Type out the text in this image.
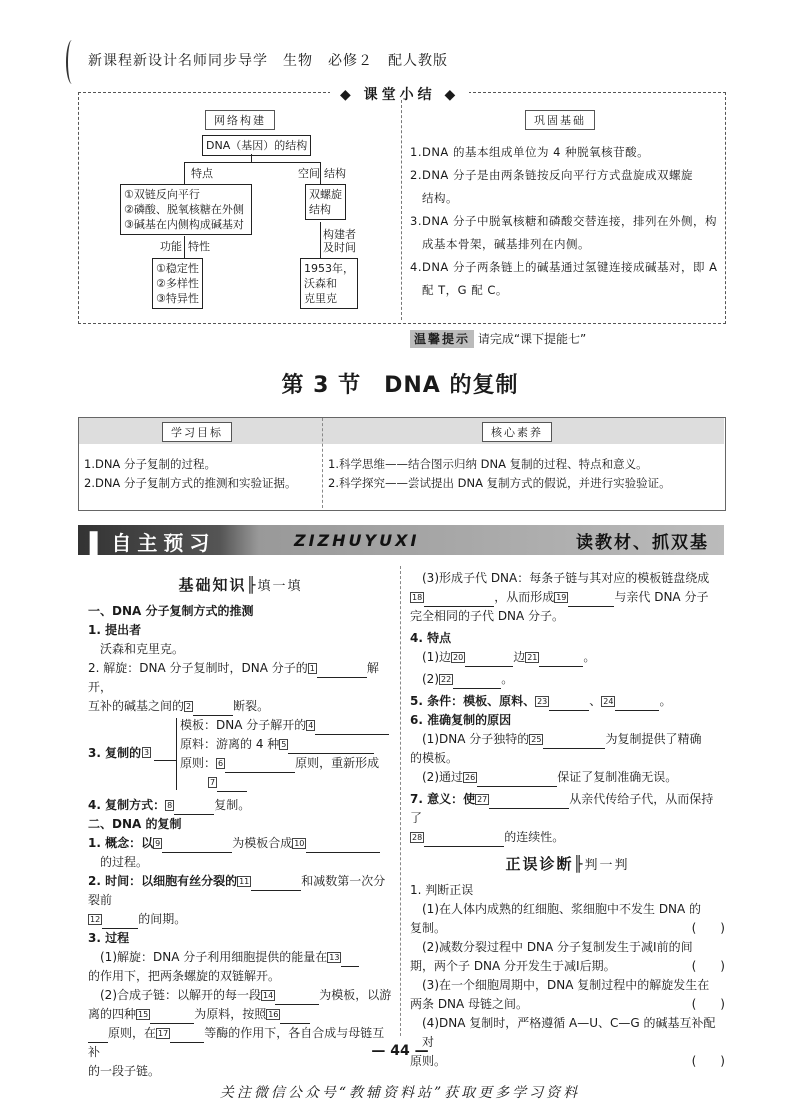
新课程新设计名师同步导学　生物　必修２　配人教版
◆ 课堂小结 ◆
网络构建	巩固基础
DNA（基因）的结构
特点	空间 结构
①双链反向平行
②磷酸、脱氧核糖在外侧
③碱基在内侧构成碱基对
双螺旋
结构
功能 特性
①稳定性
②多样性
③特异性
构建者
及时间
1953年，
沃森和
克里克

1.DNA 的基本组成单位为 4 种脱氧核苷酸。

2.DNA 分子是由两条链按反向平行方式盘旋成双螺旋

结构。

3.DNA 分子中脱氧核糖和磷酸交替连接，排列在外侧，构

成基本骨架，碱基排列在内侧。

4.DNA 分子两条链上的碱基通过氢键连接成碱基对，即 A

配 T，G 配 C。

温馨提示 请完成“课下提能七”
第 3 节　DNA 的复制
学习目标	核心素养
1.DNA 分子复制的过程。
2.DNA 分子复制方式的推测和实验证据。
1.科学思维——结合图示归纳 DNA 复制的过程、特点和意义。
2.科学探究——尝试提出 DNA 复制方式的假说，并进行实验验证。
▌自主预习	ZIZHUYUXI	读教材、抓双基
基础知识╟填一填

一、DNA 分子复制方式的推测

1. 提出者

沃森和克里克。

2. 解旋：DNA 分子复制时，DNA 分子的 1	解开，

互补的碱基之间的 2	断裂。

3. 复制的 3
模板：DNA 分子解开的 4
原料：游离的 4 种 5
原则： 6	原则，重新形成
7

4. 复制方式： 8	复制。

二、DNA 的复制

1. 概念：以 9	为模板合成 10

的过程。

2. 时间：以细胞有丝分裂的 11	和减数第一次分裂前

12	的间期。

3. 过程

(1)解旋：DNA 分子利用细胞提供的能量在 13

的作用下，把两条螺旋的双链解开。

(2)合成子链：以解开的每一段 14	为模板，以游

离的四种 15	为原料，按照 16

原则，在 17	等酶的作用下，各自合成与母链互补

的一段子链。

(3)形成子代 DNA：每条子链与其对应的模板链盘绕成

18	，从而形成 19	与亲代 DNA 分子

完全相同的子代 DNA 分子。

4. 特点

(1)边 20	边 21	。

(2) 22	。

5. 条件：模板、原料、 23	、 24	。

6. 准确复制的原因

(1)DNA 分子独特的 25	为复制提供了精确

的模板。

(2)通过 26	保证了复制准确无误。

7. 意义：使 27	从亲代传给子代，从而保持了

28	的连续性。

正误诊断╟判一判

1. 判断正误

(1)在人体内成熟的红细胞、浆细胞中不发生 DNA 的

复制。	(　　)

(2)减数分裂过程中 DNA 分子复制发生于减Ⅰ前的间

期，两个子 DNA 分开发生于减Ⅰ后期。	(　　)

(3)在一个细胞周期中，DNA 复制过程中的解旋发生在

两条 DNA 母链之间。	(　　)

(4)DNA 复制时，严格遵循 A—U、C—G 的碱基互补配对

原则。	(　　)

— 44 —
关注微信公众号“教辅资料站”获取更多学习资料
